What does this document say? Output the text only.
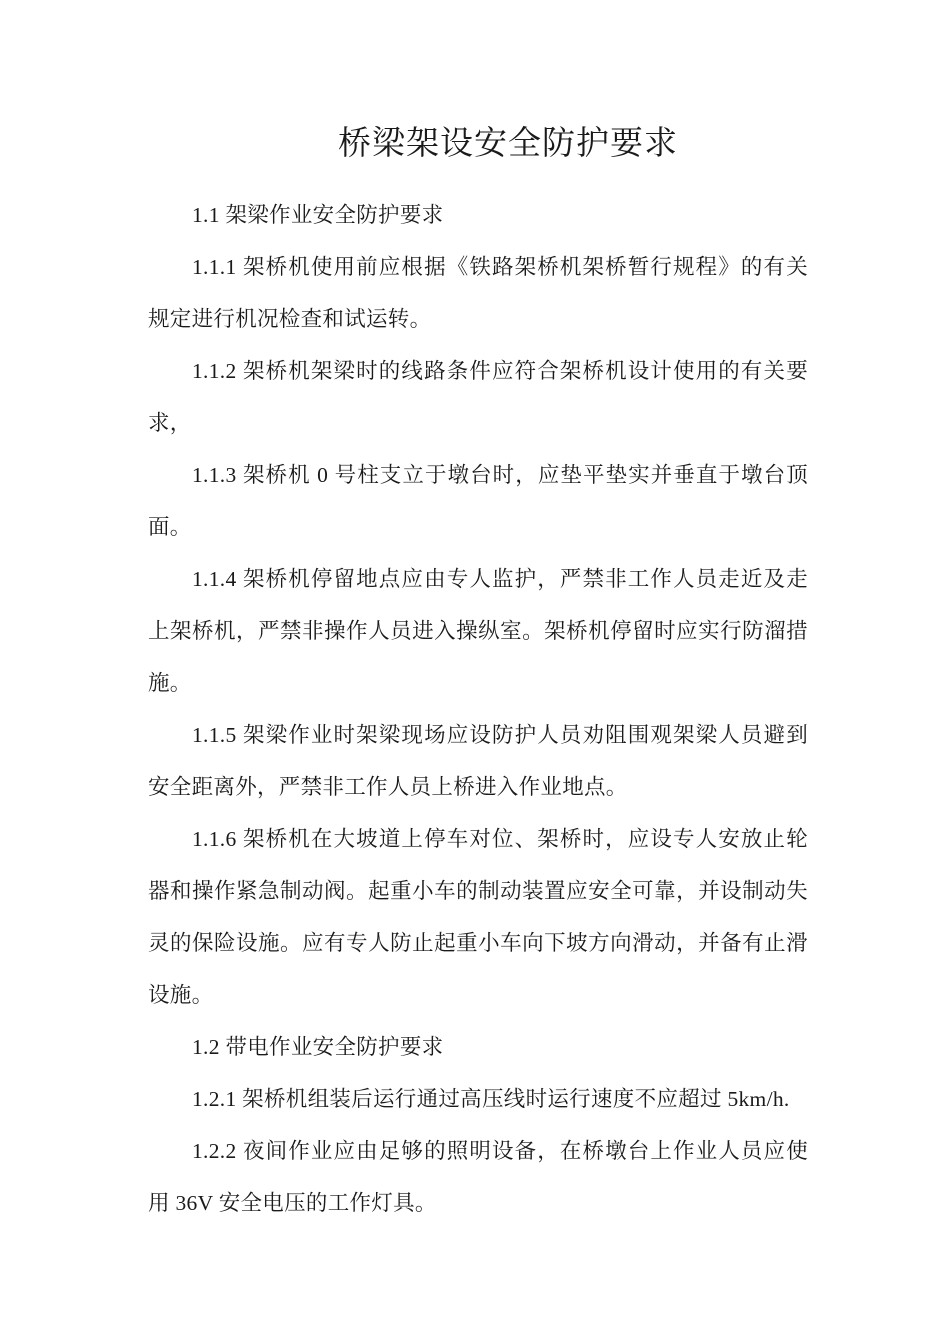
桥梁架设安全防护要求

1.1 架梁作业安全防护要求

1.1.1 架桥机使用前应根据《铁路架桥机架桥暂行规程》的有关规定进行机况检查和试运转。

1.1.2 架桥机架梁时的线路条件应符合架桥机设计使用的有关要求，

1.1.3 架桥机 0 号柱支立于墩台时，应垫平垫实并垂直于墩台顶面。

1.1.4 架桥机停留地点应由专人监护，严禁非工作人员走近及走上架桥机，严禁非操作人员进入操纵室。架桥机停留时应实行防溜措施。

1.1.5 架梁作业时架梁现场应设防护人员劝阻围观架梁人员避到安全距离外，严禁非工作人员上桥进入作业地点。

1.1.6 架桥机在大坡道上停车对位、架桥时，应设专人安放止轮器和操作紧急制动阀。起重小车的制动装置应安全可靠，并设制动失灵的保险设施。应有专人防止起重小车向下坡方向滑动，并备有止滑设施。

1.2 带电作业安全防护要求

1.2.1 架桥机组装后运行通过高压线时运行速度不应超过 5km/h.

1.2.2 夜间作业应由足够的照明设备，在桥墩台上作业人员应使用 36V 安全电压的工作灯具。
